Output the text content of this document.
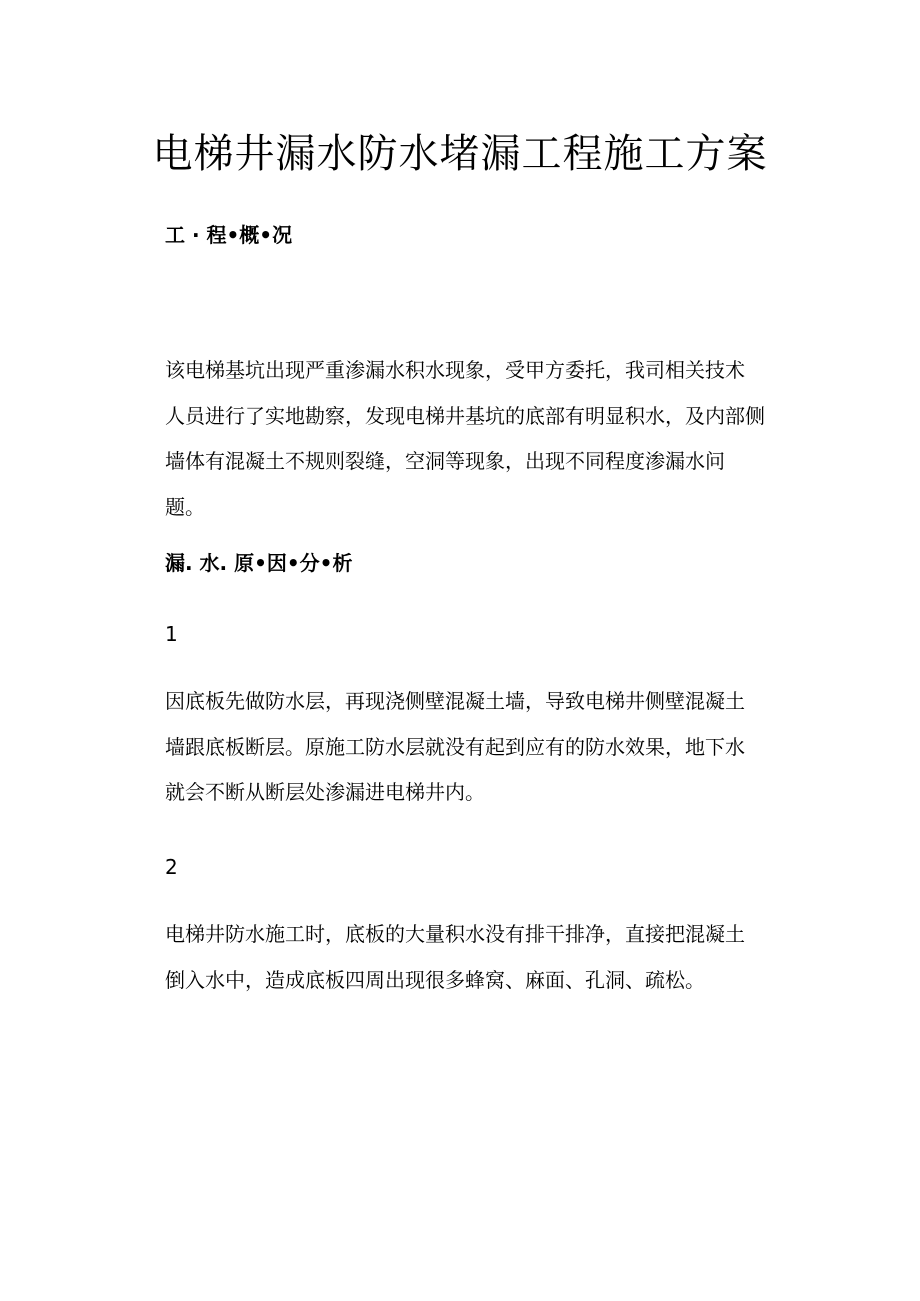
电梯井漏水防水堵漏工程施工方案
工 · 程•概•况
该电梯基坑出现严重渗漏水积水现象，受甲方委托，我司相关技术
人员进行了实地勘察，发现电梯井基坑的底部有明显积水，及内部侧
墙体有混凝土不规则裂缝，空洞等现象，出现不同程度渗漏水问
题。
漏. 水. 原•因•分•析
1
因底板先做防水层，再现浇侧壁混凝土墙，导致电梯井侧壁混凝土
墙跟底板断层。原施工防水层就没有起到应有的防水效果，地下水
就会不断从断层处渗漏进电梯井内。
2
电梯井防水施工时，底板的大量积水没有排干排净，直接把混凝土
倒入水中，造成底板四周出现很多蜂窝、麻面、孔洞、疏松。
